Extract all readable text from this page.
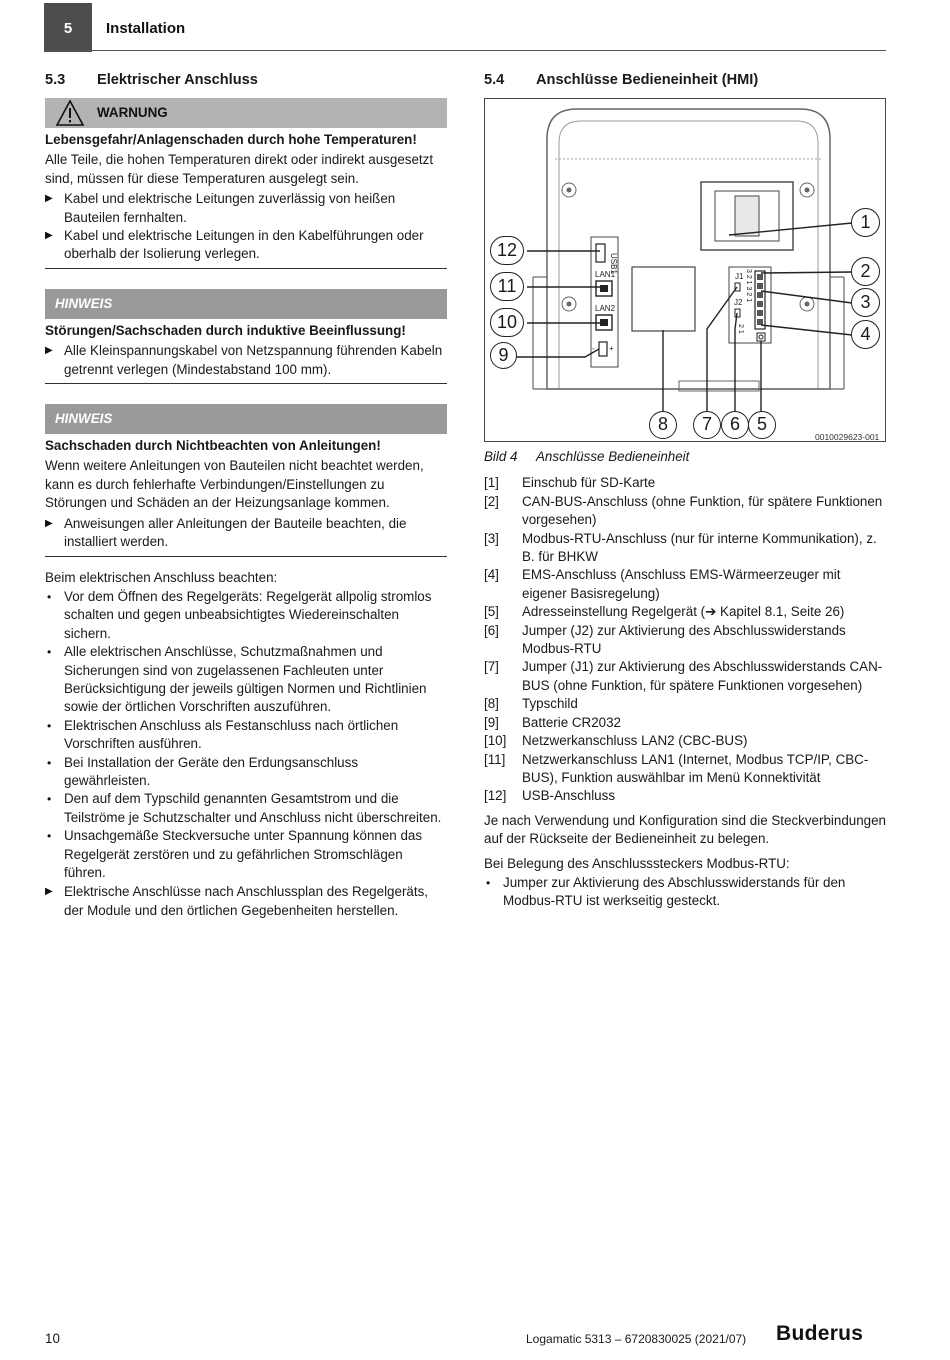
5	Installation
5.3 Elektrischer Anschluss
WARNUNG

Lebensgefahr/Anlagenschaden durch hohe Temperaturen!

Alle Teile, die hohen Temperaturen direkt oder indirekt ausgesetzt sind, müssen für diese Temperaturen ausgelegt sein.

▶ Kabel und elektrische Leitungen zuverlässig von heißen Bauteilen fernhalten.
▶ Kabel und elektrische Leitungen in den Kabelführungen oder oberhalb der Isolierung verlegen.
HINWEIS

Störungen/Sachschaden durch induktive Beeinflussung!

▶ Alle Kleinspannungskabel von Netzspannung führenden Kabeln getrennt verlegen (Mindestabstand 100 mm).
HINWEIS

Sachschaden durch Nichtbeachten von Anleitungen!

Wenn weitere Anleitungen von Bauteilen nicht beachtet werden, kann es durch fehlerhafte Verbindungen/Einstellungen zu Störungen und Schäden an der Heizungsanlage kommen.

▶ Anweisungen aller Anleitungen der Bauteile beachten, die installiert werden.

Beim elektrischen Anschluss beachten:

• Vor dem Öffnen des Regelgeräts: Regelgerät allpolig stromlos schalten und gegen unbeabsichtigtes Wiedereinschalten sichern.
• Alle elektrischen Anschlüsse, Schutzmaßnahmen und Sicherungen sind von zugelassenen Fachleuten unter Berücksichtigung der jeweils gültigen Normen und Richtlinien sowie der örtlichen Vorschriften auszuführen.
• Elektrischen Anschluss als Festanschluss nach örtlichen Vorschriften ausführen.
• Bei Installation der Geräte den Erdungsanschluss gewährleisten.
• Den auf dem Typschild genannten Gesamtstrom und die Teilströme je Schutzschalter und Anschluss nicht überschreiten.
• Unsachgemäße Steckversuche unter Spannung können das Regelgerät zerstören und zu gefährlichen Stromschlägen führen.
▶ Elektrische Anschlüsse nach Anschlussplan des Regelgeräts, der Module und den örtlichen Gegebenheiten herstellen.
5.4 Anschlüsse Bedieneinheit (HMI)
USB1
LAN1
LAN2
- +
J1
J2
3 2 1 3 2 1
2 1
1
2
3
4
12
11
10
9
8	7 6 5
0010029623-001

Bild 4 Anschlüsse Bedieneinheit

[1] Einschub für SD-Karte
[2] CAN-BUS-Anschluss (ohne Funktion, für spätere Funktionen vorgesehen)
[3] Modbus-RTU-Anschluss (nur für interne Kommunikation), z. B. für BHKW
[4] EMS-Anschluss (Anschluss EMS-Wärmeerzeuger mit eigener Basisregelung)
[5] Adresseinstellung Regelgerät (➔ Kapitel 8.1, Seite 26)
[6] Jumper (J2) zur Aktivierung des Abschlusswiderstands Modbus-RTU
[7] Jumper (J1) zur Aktivierung des Abschlusswiderstands CAN-BUS (ohne Funktion, für spätere Funktionen vorgesehen)
[8] Typschild
[9] Batterie CR2032
[10] Netzwerkanschluss LAN2 (CBC-BUS)
[11] Netzwerkanschluss LAN1 (Internet, Modbus TCP/IP, CBC-BUS), Funktion auswählbar im Menü Konnektivität
[12] USB-Anschluss

Je nach Verwendung und Konfiguration sind die Steckverbindungen auf der Rückseite der Bedieneinheit zu belegen.

Bei Belegung des Anschlusssteckers Modbus-RTU:

• Jumper zur Aktivierung des Abschlusswiderstands für den Modbus-RTU ist werkseitig gesteckt.
10	Logamatic 5313 – 6720830025 (2021/07) Buderus
